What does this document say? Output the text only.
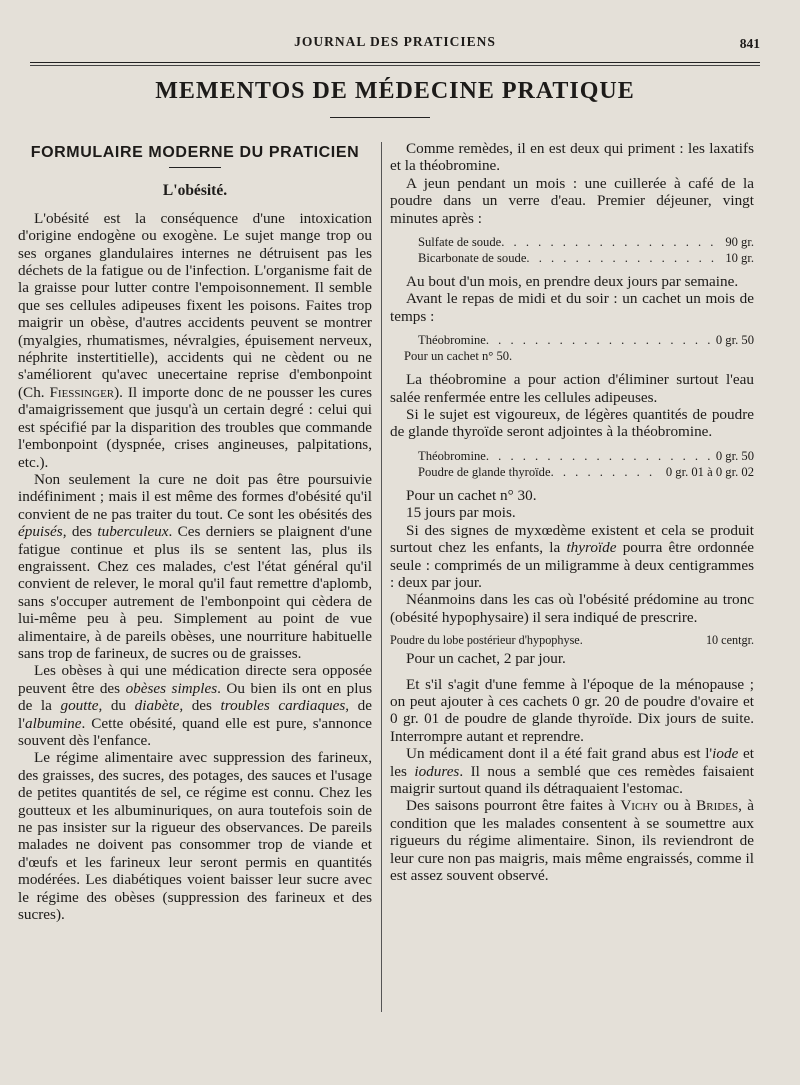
JOURNAL DES PRATICIENS	841
MEMENTOS DE MÉDECINE PRATIQUE
FORMULAIRE MODERNE DU PRATICIEN
L'obésité.

L'obésité est la conséquence d'une intoxication d'origine endogène ou exogène. Le sujet mange trop ou ses organes glandulaires internes ne détruisent pas les déchets de la fatigue ou de l'infection. L'organisme fait de la graisse pour lutter contre l'empoisonnement. Il semble que ses cellules adipeuses fixent les poisons. Faites trop maigrir un obèse, d'autres accidents peuvent se montrer (myalgies, rhumatismes, névralgies, épuisement nerveux, néphrite instertitielle), accidents qui ne cèdent ou ne s'améliorent qu'avec unecertaine reprise d'embonpoint (Ch. Fiessinger). Il importe donc de ne pousser les cures d'amaigrissement que jusqu'à un certain degré : celui qui est spécifié par la disparition des troubles que commande l'embonpoint (dyspnée, crises angineuses, palpitations, etc.).

Non seulement la cure ne doit pas être poursuivie indéfiniment ; mais il est même des formes d'obésité qu'il convient de ne pas traiter du tout. Ce sont les obésités des épuisés, des tuberculeux. Ces derniers se plaignent d'une fatigue continue et plus ils se sentent las, plus ils engraissent. Chez ces malades, c'est l'état général qu'il convient de relever, le moral qu'il faut remettre d'aplomb, sans s'occuper autrement de l'embonpoint qui cèdera de lui-même peu à peu. Simplement au point de vue alimentaire, à de pareils obèses, une nourriture habituelle sans trop de farineux, de sucres ou de graisses.

Les obèses à qui une médication directe sera opposée peuvent être des obèses simples. Ou bien ils ont en plus de la goutte, du diabète, des troubles cardiaques, de l'albumine. Cette obésité, quand elle est pure, s'annonce souvent dès l'enfance.

Le régime alimentaire avec suppression des farineux, des graisses, des sucres, des potages, des sauces et l'usage de petites quantités de sel, ce régime est connu. Chez les goutteux et les albuminuriques, on aura toutefois soin de ne pas insister sur la rigueur des observances. De pareils malades ne doivent pas consommer trop de viande et d'œufs et les farineux leur seront permis en quantités modérées. Les diabétiques voient baisser leur sucre avec le régime des obèses (suppression des farineux et des sucres).

Comme remèdes, il en est deux qui priment : les laxatifs et la théobromine.

A jeun pendant un mois : une cuillerée à café de la poudre dans un verre d'eau. Premier déjeuner, vingt minutes après :

Sulfate de soude . . .	90 gr.
Bicarbonate de soude . . .	10 gr.

Au bout d'un mois, en prendre deux jours par semaine.

Avant le repas de midi et du soir : un cachet un mois de temps :

Théobromine . . .	0 gr. 50
Pour un cachet n° 50.

La théobromine a pour action d'éliminer surtout l'eau salée renfermée entre les cellules adipeuses.

Si le sujet est vigoureux, de légères quantités de poudre de glande thyroïde seront adjointes à la théobromine.

Théobromine . . .	0 gr. 50
Poudre de glande thyroïde . . .	0 gr. 01 à 0 gr. 02

Pour un cachet n° 30.

15 jours par mois.

Si des signes de myxœdème existent et cela se produit surtout chez les enfants, la thyroïde pourra être ordonnée seule : comprimés de un miligramme à deux centigrammes : deux par jour.

Néanmoins dans les cas où l'obésité prédomine au tronc (obésité hypophysaire) il sera indiqué de prescrire.

Poudre du lobe postérieur d'hypophyse.	10 centgr.

Pour un cachet, 2 par jour.

Et s'il s'agit d'une femme à l'époque de la ménopause ; on peut ajouter à ces cachets 0 gr. 20 de poudre d'ovaire et 0 gr. 01 de poudre de glande thyroïde. Dix jours de suite. Interrompre autant et reprendre.

Un médicament dont il a été fait grand abus est l'iode et les iodures. Il nous a semblé que ces remèdes faisaient maigrir surtout quand ils détraquaient l'estomac.

Des saisons pourront être faites à Vichy ou à Brides, à condition que les malades consentent à se soumettre aux rigueurs du régime alimentaire. Sinon, ils reviendront de leur cure non pas maigris, mais même engraissés, comme il est assez souvent observé.
